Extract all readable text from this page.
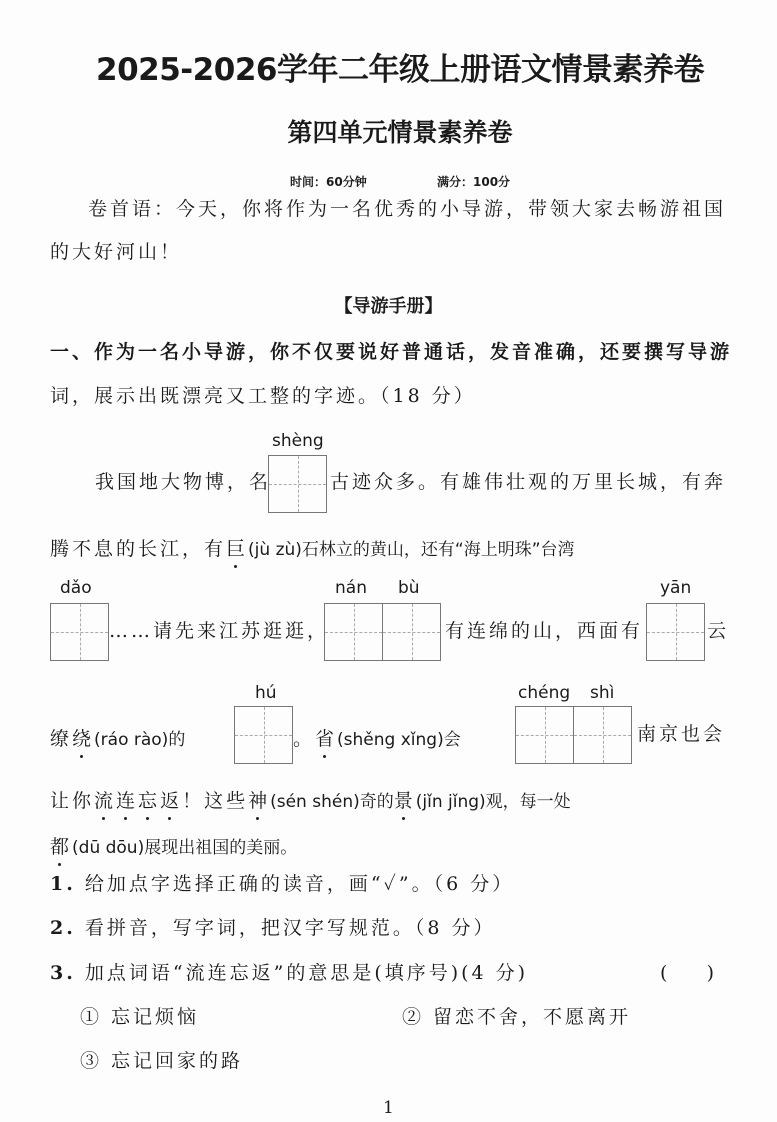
2025-2026学年二年级上册语文情景素养卷
第四单元情景素养卷
时间：60分钟	满分：100分
卷首语：今天，你将作为一名优秀的小导游，带领大家去畅游祖国
的大好河山！
【导游手册】
一、作为一名小导游，你不仅要说好普通话，发音准确，还要撰写导游
词，展示出既漂亮又工整的字迹。（18 分）
我国地大物博，名
shèng
古迹众多。有雄伟壮观的万里长城，有奔
腾不息的长江，有巨(jù zù)石林立的黄山，还有“海上明珠”台湾
dǎo
……请先来江苏逛逛，
nán bù
有连绵的山，西面有
yān
云
缭绕(ráo rào)的
hú
。省(shěng xǐng)会
chéng shì
南京也会
让你流连忘返！这些神(sén shén)奇的景(jǐn jǐng)观，每一处
都(dū dōu)展现出祖国的美丽。
1. 给加点字选择正确的读音，画“✓”。（6 分）
2. 看拼音，写字词，把汉字写规范。（8 分）
3. 加点词语“流连忘返”的意思是(填序号)(4 分)	(    )
① 忘记烦恼	② 留恋不舍，不愿离开
③ 忘记回家的路
1
